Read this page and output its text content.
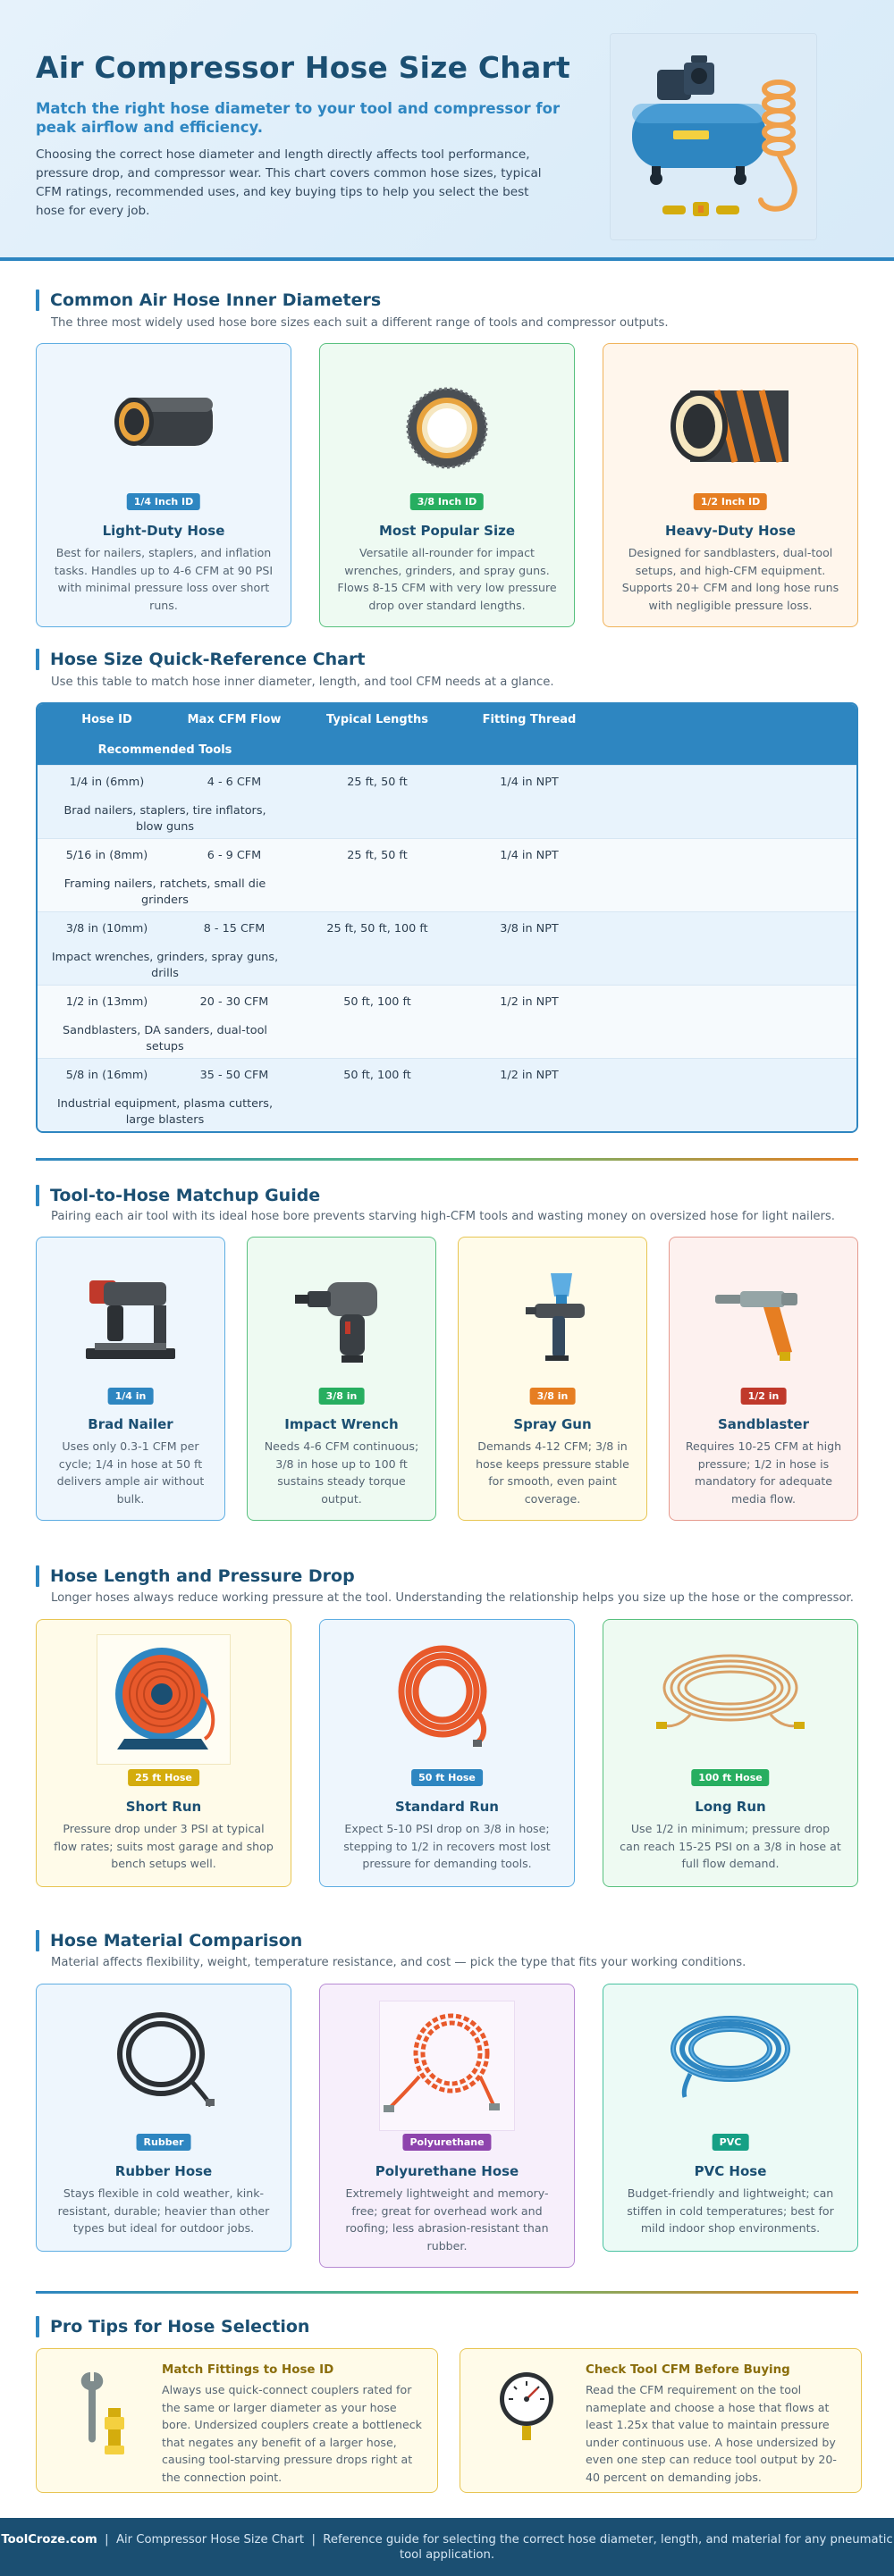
Air Compressor Hose Size Chart
Match the right hose diameter to your tool and compressor for peak airflow and efficiency.
Choosing the correct hose diameter and length directly affects tool performance, pressure drop, and compressor wear. This chart covers common hose sizes, typical CFM ratings, recommended uses, and key buying tips to help you select the best hose for every job.
Common Air Hose Inner Diameters
The three most widely used hose bore sizes each suit a different range of tools and compressor outputs.
1/4 Inch ID
Light-Duty Hose

Best for nailers, staplers, and inflation tasks. Handles up to 4-6 CFM at 90 PSI with minimal pressure loss over short runs.

3/8 Inch ID
Most Popular Size

Versatile all-rounder for impact wrenches, grinders, and spray guns. Flows 8-15 CFM with very low pressure drop over standard lengths.

1/2 Inch ID
Heavy-Duty Hose

Designed for sandblasters, dual-tool setups, and high-CFM equipment. Supports 20+ CFM and long hose runs with negligible pressure loss.

Hose Size Quick-Reference Chart
Use this table to match hose inner diameter, length, and tool CFM needs at a glance.
Hose ID	Max CFM Flow	Typical Lengths	Fitting Thread
Recommended Tools
1/4 in (6mm)	4 - 6 CFM	25 ft, 50 ft	1/4 in NPT
Brad nailers, staplers, tire inflators, blow guns
5/16 in (8mm)	6 - 9 CFM	25 ft, 50 ft	1/4 in NPT
Framing nailers, ratchets, small die grinders
3/8 in (10mm)	8 - 15 CFM	25 ft, 50 ft, 100 ft	3/8 in NPT
Impact wrenches, grinders, spray guns, drills
1/2 in (13mm)	20 - 30 CFM	50 ft, 100 ft	1/2 in NPT
Sandblasters, DA sanders, dual-tool setups
5/8 in (16mm)	35 - 50 CFM	50 ft, 100 ft	1/2 in NPT
Industrial equipment, plasma cutters, large blasters
Tool-to-Hose Matchup Guide
Pairing each air tool with its ideal hose bore prevents starving high-CFM tools and wasting money on oversized hose for light nailers.
1/4 in
Brad Nailer

Uses only 0.3-1 CFM per cycle; 1/4 in hose at 50 ft delivers ample air without bulk.

3/8 in
Impact Wrench

Needs 4-6 CFM continuous; 3/8 in hose up to 100 ft sustains steady torque output.

3/8 in
Spray Gun

Demands 4-12 CFM; 3/8 in hose keeps pressure stable for smooth, even paint coverage.

1/2 in
Sandblaster

Requires 10-25 CFM at high pressure; 1/2 in hose is mandatory for adequate media flow.

Hose Length and Pressure Drop
Longer hoses always reduce working pressure at the tool. Understanding the relationship helps you size up the hose or the compressor.
25 ft Hose
Short Run

Pressure drop under 3 PSI at typical flow rates; suits most garage and shop bench setups well.

50 ft Hose
Standard Run

Expect 5-10 PSI drop on 3/8 in hose; stepping to 1/2 in recovers most lost pressure for demanding tools.

100 ft Hose
Long Run

Use 1/2 in minimum; pressure drop can reach 15-25 PSI on a 3/8 in hose at full flow demand.

Hose Material Comparison
Material affects flexibility, weight, temperature resistance, and cost — pick the type that fits your working conditions.
Rubber
Rubber Hose

Stays flexible in cold weather, kink-resistant, durable; heavier than other types but ideal for outdoor jobs.

Polyurethane
Polyurethane Hose

Extremely lightweight and memory-free; great for overhead work and roofing; less abrasion-resistant than rubber.

PVC
PVC Hose

Budget-friendly and lightweight; can stiffen in cold temperatures; best for mild indoor shop environments.

Pro Tips for Hose Selection
Match Fittings to Hose ID

Always use quick-connect couplers rated for the same or larger diameter as your hose bore. Undersized couplers create a bottleneck that negates any benefit of a larger hose, causing tool-starving pressure drops right at the connection point.

Check Tool CFM Before Buying

Read the CFM requirement on the tool nameplate and choose a hose that flows at least 1.25x that value to maintain pressure under continuous use. A hose undersized by even one step can reduce tool output by 20-40 percent on demanding jobs.

ToolCroze.com | Air Compressor Hose Size Chart | Reference guide for selecting the correct hose diameter, length, and material for any pneumatic tool application.
